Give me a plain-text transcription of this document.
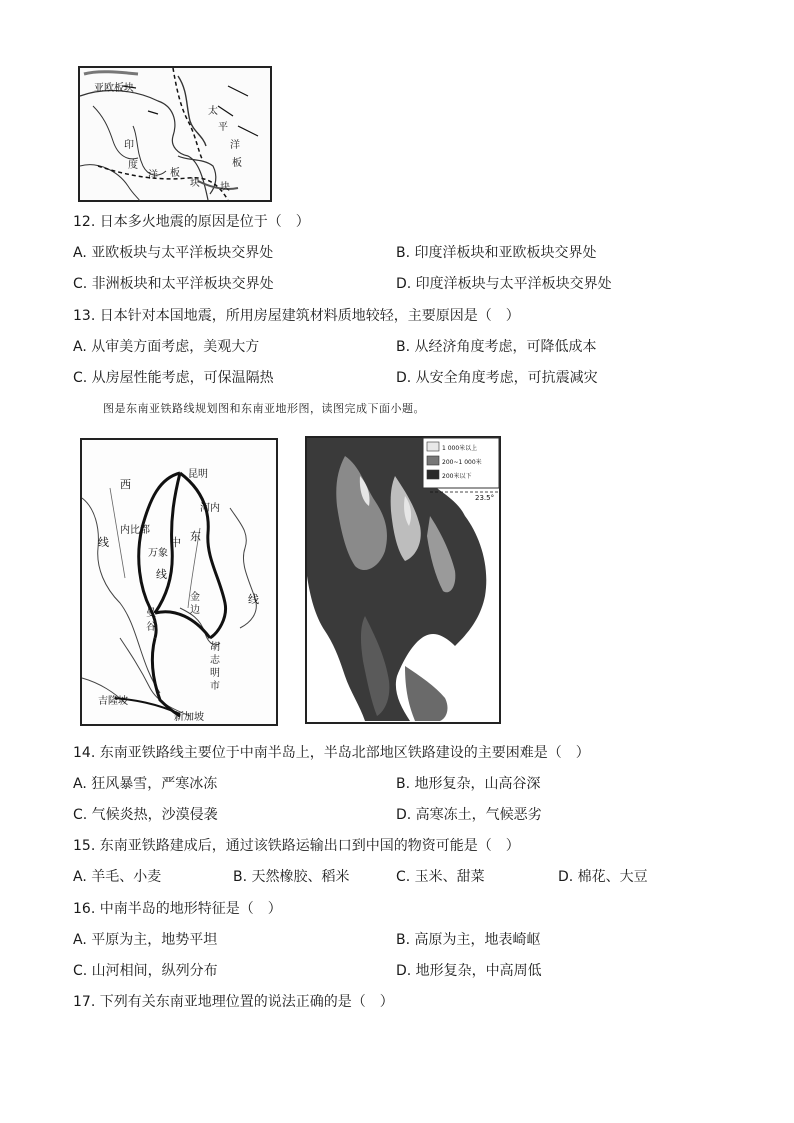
亚欧板块
太
平
洋
板
块
印
度
洋 板
块
12. 日本多火地震的原因是位于（　）
A. 亚欧板块与太平洋板块交界处	B. 印度洋板块和亚欧板块交界处
C. 非洲板块和太平洋板块交界处	D. 印度洋板块与太平洋板块交界处
13. 日本针对本国地震，所用房屋建筑材料质地较轻，主要原因是（　）
A. 从审美方面考虑，美观大方	B. 从经济角度考虑，可降低成本
C. 从房屋性能考虑，可保温隔热	D. 从安全角度考虑，可抗震减灾
图是东南亚铁路线规划图和东南亚地形图，读图完成下面小题。
昆明
河内
万象
曼
谷
金
边
胡
志
明
市
吉隆坡
新加坡
西
线
内比都
中
线
东
线
1 000米以上
200~1 000米
200米以下
23.5°
14. 东南亚铁路线主要位于中南半岛上，半岛北部地区铁路建设的主要困难是（　）
A. 狂风暴雪，严寒冰冻	B. 地形复杂，山高谷深
C. 气候炎热，沙漠侵袭	D. 高寒冻土，气候恶劣
15. 东南亚铁路建成后，通过该铁路运输出口到中国的物资可能是（　）
A. 羊毛、小麦	B. 天然橡胶、稻米	C. 玉米、甜菜	D. 棉花、大豆
16. 中南半岛的地形特征是（　）
A. 平原为主，地势平坦	B. 高原为主，地表崎岖
C. 山河相间，纵列分布	D. 地形复杂，中高周低
17. 下列有关东南亚地理位置的说法正确的是（　）
